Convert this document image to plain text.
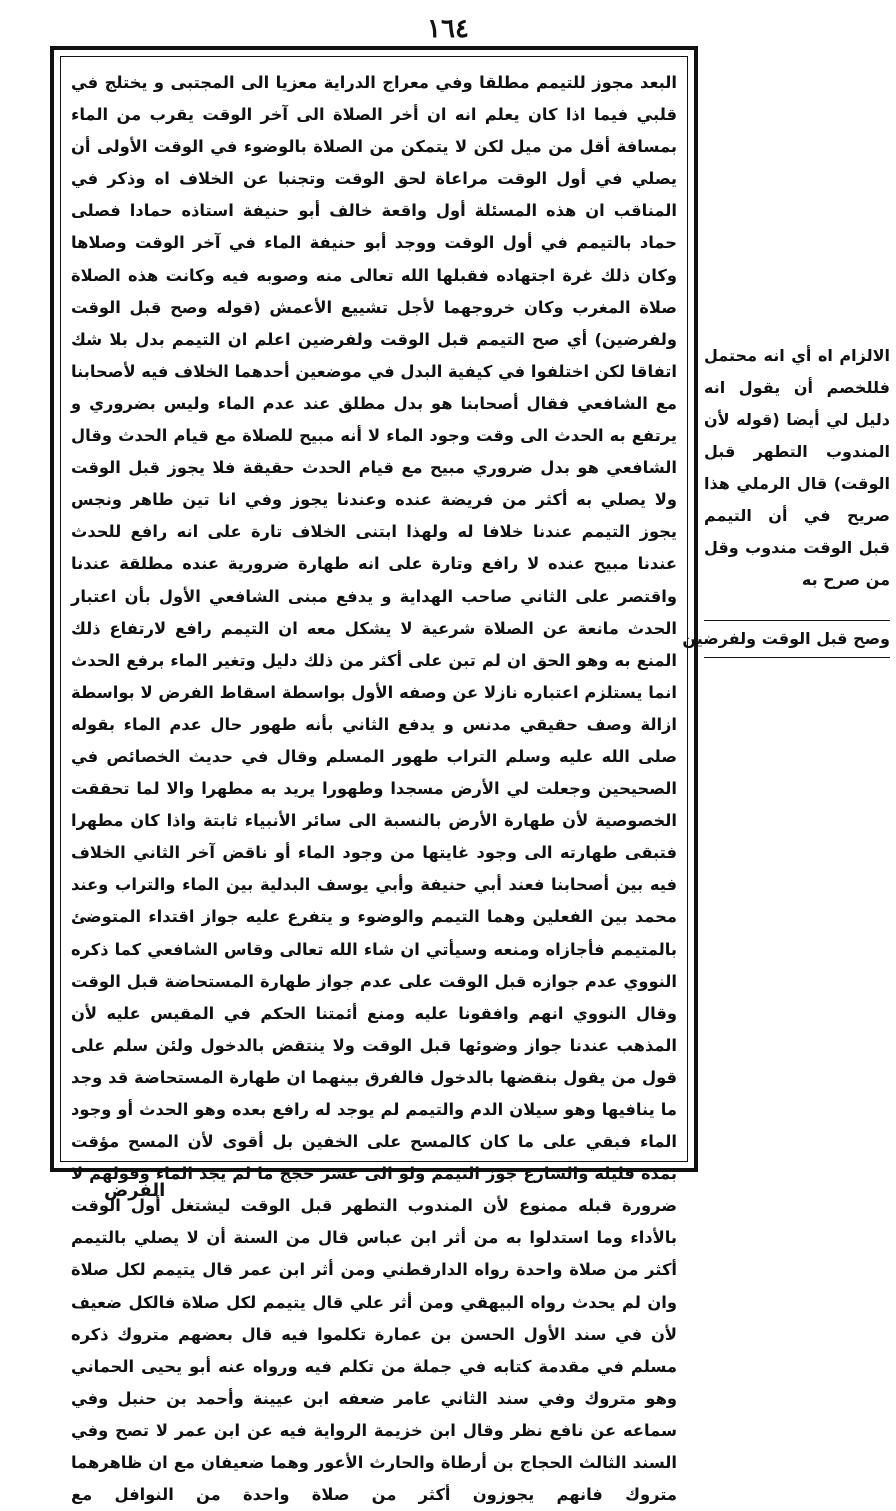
١٦٤
البعد مجوز للتيمم مطلقا وفي معراج الدراية معزيا الى المجتبى و يختلج في قلبي فيما اذا كان يعلم انه ان أخر الصلاة الى آخر الوقت يقرب من الماء بمسافة أقل من ميل لكن لا يتمكن من الصلاة بالوضوء في الوقت الأولى أن يصلي في أول الوقت مراعاة لحق الوقت وتجنبا عن الخلاف اه وذكر في المناقب ان هذه المسئلة أول واقعة خالف أبو حنيفة استاذه حمادا فصلى حماد بالتيمم في أول الوقت ووجد أبو حنيفة الماء في آخر الوقت وصلاها وكان ذلك غرة اجتهاده فقبلها الله تعالى منه وصوبه فيه وكانت هذه الصلاة صلاة المغرب وكان خروجهما لأجل تشييع الأعمش (قوله وصح قبل الوقت ولفرضين) أي صح التيمم قبل الوقت ولفرضين اعلم ان التيمم بدل بلا شك اتفاقا لكن اختلفوا في كيفية البدل في موضعين أحدهما الخلاف فيه لأصحابنا مع الشافعي فقال أصحابنا هو بدل مطلق عند عدم الماء وليس بضروري و يرتفع به الحدث الى وقت وجود الماء لا أنه مبيح للصلاة مع قيام الحدث وقال الشافعي هو بدل ضروري مبيح مع قيام الحدث حقيقة فلا يجوز قبل الوقت ولا يصلي به أكثر من فريضة عنده وعندنا يجوز وفي انا تين طاهر ونجس يجوز التيمم عندنا خلافا له ولهذا ابتنى الخلاف تارة على انه رافع للحدث عندنا مبيح عنده لا رافع وتارة على انه طهارة ضرورية عنده مطلقة عندنا واقتصر على الثاني صاحب الهداية و يدفع مبنى الشافعي الأول بأن اعتبار الحدث مانعة عن الصلاة شرعية لا يشكل معه ان التيمم رافع لارتفاع ذلك المنع به وهو الحق ان لم تبن على أكثر من ذلك دليل وتغير الماء برفع الحدث انما يستلزم اعتباره نازلا عن وصفه الأول بواسطة اسقاط الفرض لا بواسطة ازالة وصف حقيقي مدنس و يدفع الثاني بأنه طهور حال عدم الماء بقوله صلى الله عليه وسلم التراب طهور المسلم وقال في حديث الخصائص في الصحيحين وجعلت لي الأرض مسجدا وطهورا يريد به مطهرا والا لما تحققت الخصوصية لأن طهارة الأرض بالنسبة الى سائر الأنبياء ثابتة واذا كان مطهرا فتبقى طهارته الى وجود غايتها من وجود الماء أو ناقض آخر الثاني الخلاف فيه بين أصحابنا فعند أبي حنيفة وأبي يوسف البدلية بين الماء والتراب وعند محمد بين الفعلين وهما التيمم والوضوء و يتفرع عليه جواز اقتداء المتوضئ بالمتيمم فأجازاه ومنعه وسيأتي ان شاء الله تعالى وقاس الشافعي كما ذكره النووي عدم جوازه قبل الوقت على عدم جواز طهارة المستحاضة قبل الوقت وقال النووي انهم وافقونا عليه ومنع أئمتنا الحكم في المقيس عليه لأن المذهب عندنا جواز وضوئها قبل الوقت ولا ينتقض بالدخول ولئن سلم على قول من يقول بنقضها بالدخول فالفرق بينهما ان طهارة المستحاضة قد وجد ما ينافيها وهو سيلان الدم والتيمم لم يوجد له رافع بعده وهو الحدث أو وجود الماء فبقي على ما كان كالمسح على الخفين بل أقوى لأن المسح مؤقت بمدة قليلة والشارع جوز التيمم ولو الى عشر حجج ما لم يجد الماء وقولهم لا ضرورة قبله ممنوع لأن المندوب التطهر قبل الوقت ليشتغل أول الوقت بالأداء وما استدلوا به من أثر ابن عباس قال من السنة أن لا يصلي بالتيمم أكثر من صلاة واحدة رواه الدارقطني ومن أثر ابن عمر قال يتيمم لكل صلاة وان لم يحدث رواه البيهقي ومن أثر علي قال يتيمم لكل صلاة فالكل ضعيف لأن في سند الأول الحسن بن عمارة تكلموا فيه قال بعضهم متروك ذكره مسلم في مقدمة كتابه في جملة من تكلم فيه ورواه عنه أبو يحيى الحماني وهو متروك وفي سند الثاني عامر ضعفه ابن عيينة وأحمد بن حنبل وفي سماعه عن نافع نظر وقال ابن خزيمة الرواية فيه عن ابن عمر لا تصح وفي السند الثالث الحجاج بن أرطاة والحارث الأعور وهما ضعيفان مع ان ظاهرهما متروك فانهم يجوزون أكثر من صلاة واحدة من النوافل مع
الالزام اه أي انه محتمل فللخصم أن يقول انه دليل لي أيضا (قوله لأن المندوب التطهر قبل الوقت) قال الرملي هذا صريح في أن التيمم قبل الوقت مندوب وقل من صرح به
وصح قبل الوقت ولفرضين
الفرض
